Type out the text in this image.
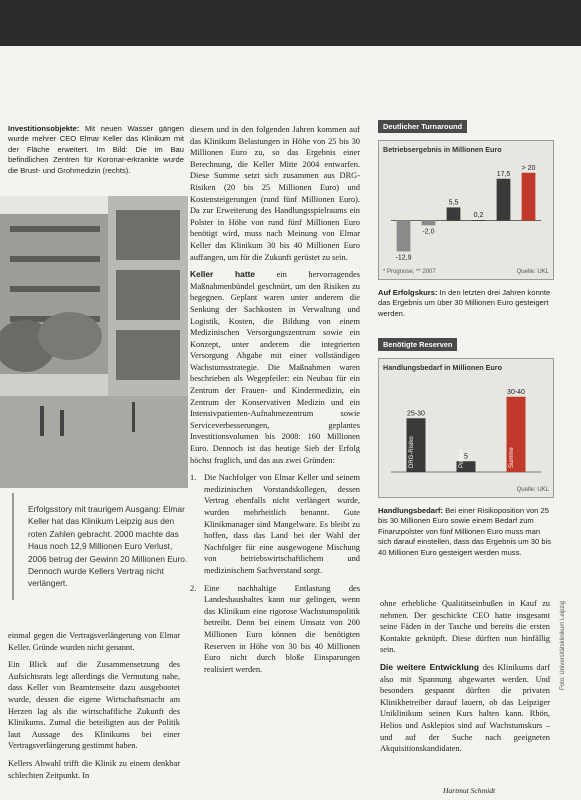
Investitionsobjekte: Mit neuen Wasser gängen wurde mehrer CEO Elmar Keller das Klinikum mit der Fläche erweitert. Im Bild: Die im Bau befindlichen Zentren für Koronar-erkrankte wurde die Brust- und Grohmedizin (rechts).
Erfolgsstory mit traurigem Ausgang: Elmar Keller hat das Klinikum Leipzig aus den roten Zahlen gebracht. 2000 machte das Haus noch 12,9 Millionen Euro Verlust, 2006 betrug der Gewinn 20 Millionen Euro. Dennoch wurde Kellers Vertrag nicht verlängert.

einmal gegen die Vertragsverlängerung von Elmar Keller. Gründe wurden nicht genannt.

Ein Blick auf die Zusammensetzung des Aufsichtsrats legt allerdings die Vermutung nahe, dass Keller von Beamtenseite dazu ausgebootet wurde, dessen die eigene Wirtschaftsmacht am Herzen lag als die wirtschaftliche Zukunft des Klinikums. Zumal die beteiligten aus der Politik laut Aussage des Klinikums bei einer Vertragsverlängerung gestimmt haben.

Kellers Abwahl trifft die Klinik zu einem denkbar schlechten Zeitpunkt. In

diesem und in den folgenden Jahren kommen auf das Klinikum Belastungen in Höhe von 25 bis 30 Millionen Euro zu, so das Ergebnis einer Berechnung, die Keller Mitte 2004 entwarfen. Diese Summe setzt sich zusammen aus DRG-Risiken (20 bis 25 Millionen Euro) und Kostensteigerungen (rund fünf Millionen Euro). Da zur Erweiterung des Handlungsspielraums ein Polster in Höhe von rund fünf Millionen Euro benötigt wird, muss nach Meinung von Elmar Keller das Klinikum 30 bis 40 Millionen Euro auffangen, um für die Zukunft gerüstet zu sein.

Keller hatte	ein hervorragendes Maßnahmenbündel geschnürt, um den Risiken zu begegnen. Geplant waren unter anderem die Senkung der Sachkosten in Verwaltung und Logistik, Kosten, die Bildung von einem Medizinischen Versorgungszentrum sowie ein Konzept, unter anderem die integrierten Versorgung Abgabe mit einer vollständigen Wachstumsstrategie. Die Maßnahmen waren beschrieben als Wegepfeiler: ein Neubau für ein Zentrum der Frauen- und Kindermedizin, ein Zentrum der Konservativen Medizin und ein Intensivpatienten-Aufnahmezentrum sowie Serviceverbesserungen, geplantes Investitionsvolumen bis 2008: 160 Millionen Euro. Dennoch ist das heutige Sieb der Erfolg höchst fraglich, und das aus zwei Gründen:

1. Die Nachfolger von Elmar Keller und seinem medizinischen Vorstandskollegen, dessen Vertrag ebenfalls nicht verlängert wurde, wurden mehrheitlich benannt. Gute Klinikmanager sind Mangelware. Es bleibt zu hoffen, dass das Land bei der Wahl der Nachfolger für eine ausgewogene Mischung von betriebswirtschaftlichem und medizinischem Sachverstand sorgt.
2. Eine nachhaltige Entlastung des Landeshaushaltes kann nur gelingen, wenn das Klinikum eine rigorose Wachstumspolitik betreibt. Denn bei einem Umsatz von 200 Millionen Euro können die benötigten Reserven in Höhe von 30 bis 40 Millionen Euro nicht durch bloße Einsparungen realisiert werden.
Deutlicher Turnaround
Betriebsergebnis in Millionen Euro
-12,9
-2,0
5,5
0,2
17,5
> 20
* Prognose; ** 2007	Quelle: UKL
Auf Erfolgskurs: In den letzten drei Jahren konnte das Ergebnis um über 30 Millionen Euro gesteigert werden.
Benötigte Reserven
Handlungsbedarf in Millionen Euro
25-30
DRG-Risiko	5
Polster
30-40
Summe
Quelle: UKL
Handlungsbedarf: Bei einer Risikoposition von 25 bis 30 Millionen Euro sowie einem Bedarf zum Finanzpolster von fünf Millionen Euro muss man sich darauf einstellen, dass das Ergebnis um 30 bis 40 Millionen Euro gesteigert werden muss.

ohne erhebliche Qualitätseinbußen in Kauf zu nehmen. Der geschickte CEO hatte insgesamt seine Fäden in der Tasche und bereits die ersten Kontakte geknüpft. Diese dürften nun hinfällig sein.

Die weitere Entwicklung des Klinikums darf also mit Spannung abgewartet werden. Und besonders gespannt dürften die privaten Klinikbetreiber darauf lauern, ob das Leipziger Uniklinikum seinen Kurs halten kann. Rhön, Helios und Asklepios sind auf Wachstumskurs – und auf der Suche nach geeigneten Akquisitionskandidaten.

Hartmut Schmidt
Foto: Universitätsklinikum Leipzig
